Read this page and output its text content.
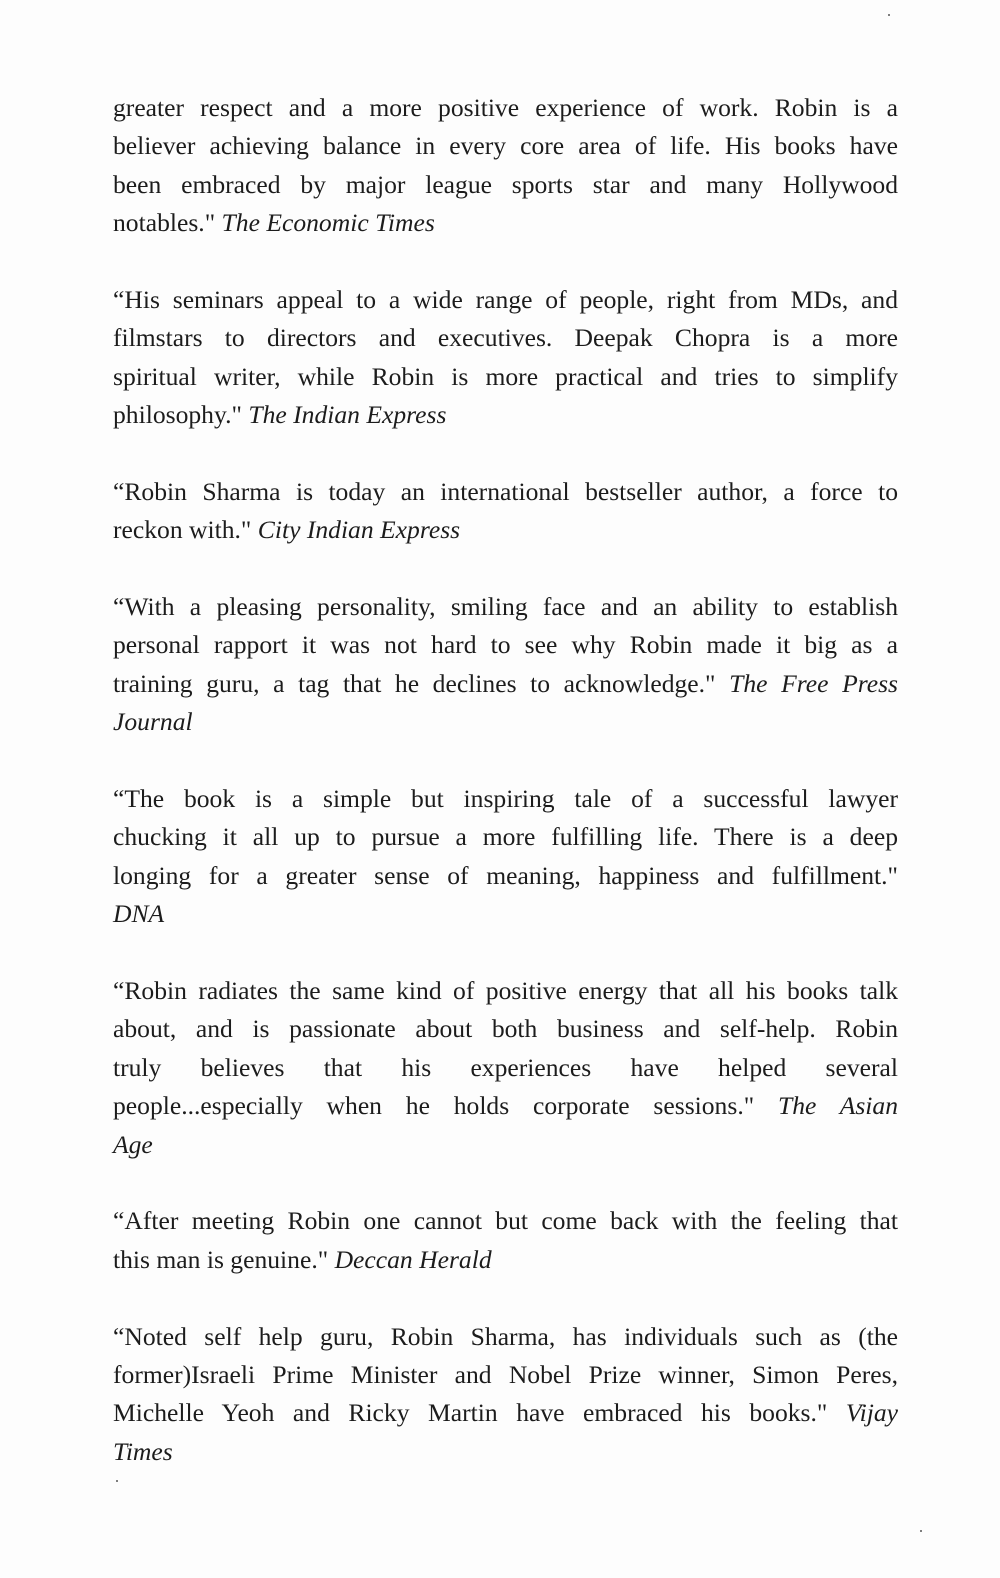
greater respect and a more positive experience of work. Robin is a
believer achieving balance in every core area of life. His books have
been embraced by major league sports star and many Hollywood
notables." The Economic Times
“His seminars appeal to a wide range of people, right from MDs, and
filmstars to directors and executives. Deepak Chopra is a more
spiritual writer, while Robin is more practical and tries to simplify
philosophy." The Indian Express
“Robin Sharma is today an international bestseller author, a force to
reckon with." City Indian Express
“With a pleasing personality, smiling face and an ability to establish
personal rapport it was not hard to see why Robin made it big as a
training guru, a tag that he declines to acknowledge." The Free Press
Journal
“The book is a simple but inspiring tale of a successful lawyer
chucking it all up to pursue a more fulfilling life. There is a deep
longing for a greater sense of meaning, happiness and fulfillment."
DNA
“Robin radiates the same kind of positive energy that all his books talk
about, and is passionate about both business and self-help. Robin
truly believes that his experiences have helped several
people...especially when he holds corporate sessions." The Asian
Age
“After meeting Robin one cannot but come back with the feeling that
this man is genuine." Deccan Herald
“Noted self help guru, Robin Sharma, has individuals such as (the
former)Israeli Prime Minister and Nobel Prize winner, Simon Peres,
Michelle Yeoh and Ricky Martin have embraced his books." Vijay
Times
